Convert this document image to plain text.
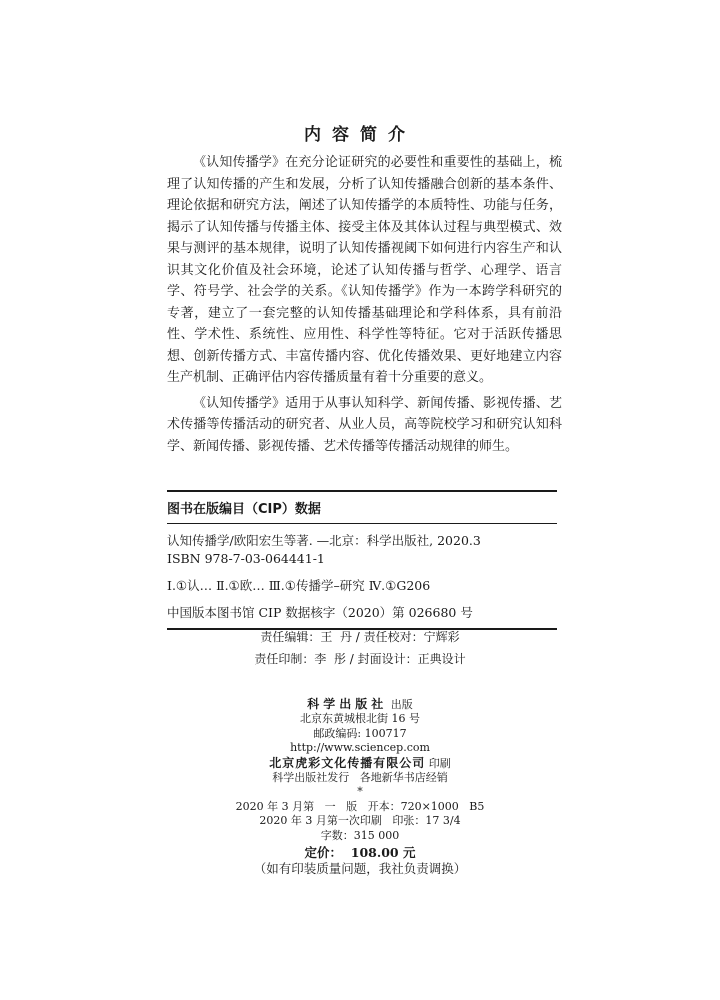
内容简介

《认知传播学》在充分论证研究的必要性和重要性的基础上，梳理了认知传播的产生和发展，分析了认知传播融合创新的基本条件、理论依据和研究方法，阐述了认知传播学的本质特性、功能与任务，揭示了认知传播与传播主体、接受主体及其体认过程与典型模式、效果与测评的基本规律，说明了认知传播视阈下如何进行内容生产和认识其文化价值及社会环境，论述了认知传播与哲学、心理学、语言学、符号学、社会学的关系。《认知传播学》作为一本跨学科研究的专著，建立了一套完整的认知传播基础理论和学科体系，具有前沿性、学术性、系统性、应用性、科学性等特征。它对于活跃传播思想、创新传播方式、丰富传播内容、优化传播效果、更好地建立内容生产机制、正确评估内容传播质量有着十分重要的意义。

《认知传播学》适用于从事认知科学、新闻传播、影视传播、艺术传播等传播活动的研究者、从业人员，高等院校学习和研究认知科学、新闻传播、影视传播、艺术传播等传播活动规律的师生。

图书在版编目（CIP）数据
认知传播学/欧阳宏生等著. —北京：科学出版社, 2020.3
ISBN 978-7-03-064441-1
Ⅰ.①认… Ⅱ.①欧… Ⅲ.①传播学–研究 Ⅳ.①G206
中国版本图书馆 CIP 数据核字（2020）第 026680 号
责任编辑：王  丹 / 责任校对：宁辉彩
责任印制：李  彤 / 封面设计：正典设计
科学出版社 出版
北京东黄城根北街 16 号
邮政编码: 100717
http://www.sciencep.com
北京虎彩文化传播有限公司 印刷
科学出版社发行   各地新华书店经销
*
2020 年 3 月第   一   版   开本：720×1000   B5
2020 年 3 月第一次印刷   印张：17 3/4
字数：315 000
定价：  108.00 元
（如有印装质量问题，我社负责调换）
